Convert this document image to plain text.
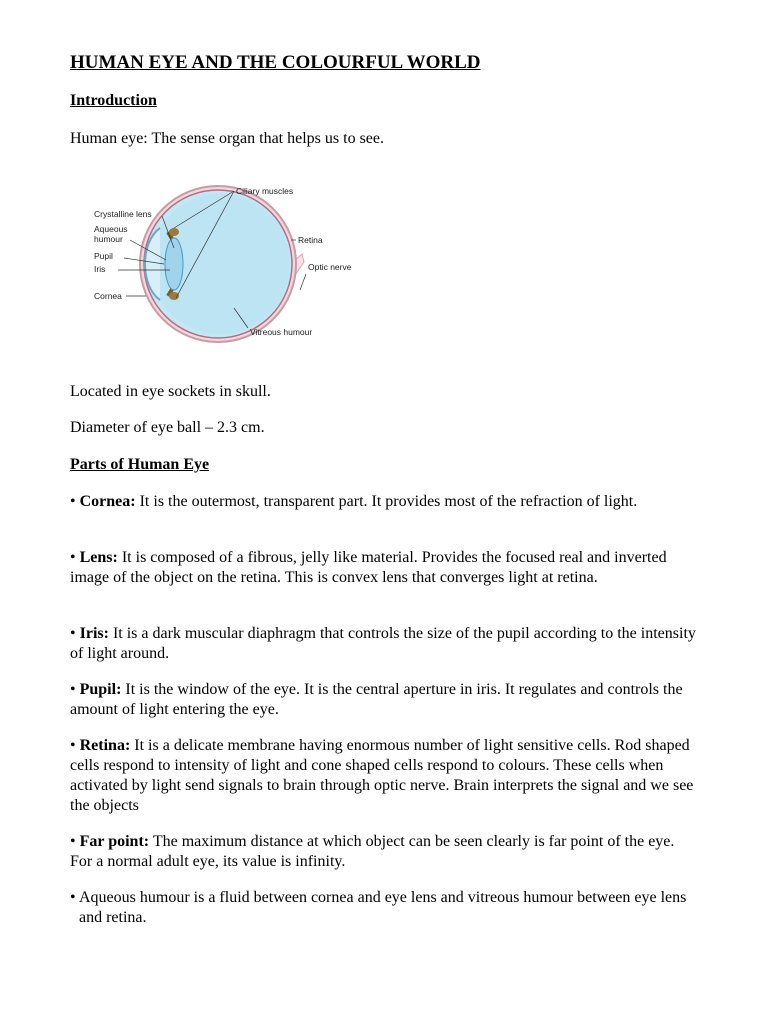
HUMAN EYE AND THE COLOURFUL WORLD
Introduction

Human eye: The sense organ that helps us to see.

Ciliary muscles
Crystalline lens
Aqueous
humour
Pupil
Iris
Cornea
Retina
Optic nerve
Vitreous humour

Located in eye sockets in skull.

Diameter of eye ball – 2.3 cm.

Parts of Human Eye

• Cornea: It is the outermost, transparent part. It provides most of the refraction of light.

• Lens: It is composed of a fibrous, jelly like material. Provides the focused real and inverted image of the object on the retina. This is convex lens that converges light at retina.

• Iris: It is a dark muscular diaphragm that controls the size of the pupil according to the intensity of light around.

• Pupil: It is the window of the eye. It is the central aperture in iris. It regulates and controls the amount of light entering the eye.

• Retina: It is a delicate membrane having enormous number of light sensitive cells. Rod shaped cells respond to intensity of light and cone shaped cells respond to colours. These cells when activated by light send signals to brain through optic nerve. Brain interprets the signal and we see the objects

• Far point: The maximum distance at which object can be seen clearly is far point of the eye. For a normal adult eye, its value is infinity.

• Aqueous humour is a fluid between cornea and eye lens and vitreous humour between eye lens and retina.
